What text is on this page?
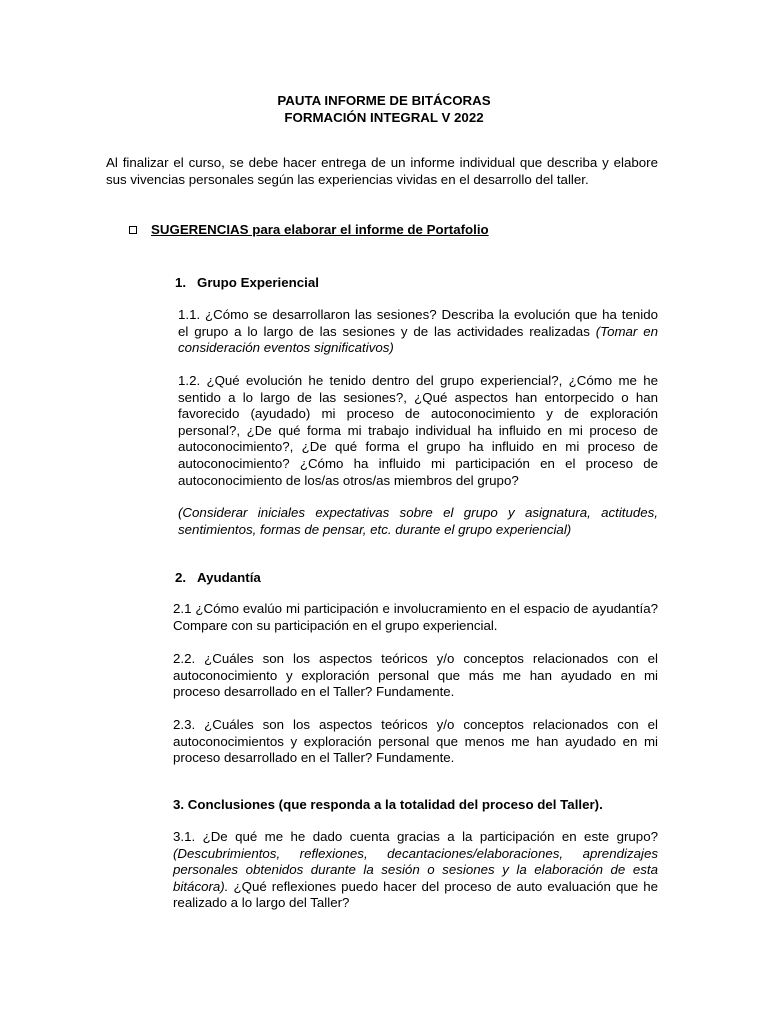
PAUTA INFORME DE BITÁCORAS
FORMACIÓN INTEGRAL V 2022

Al finalizar el curso, se debe hacer entrega de un informe individual que describa y elabore sus vivencias personales según las experiencias vividas en el desarrollo del taller.

SUGERENCIAS para elaborar el informe de Portafolio
1. Grupo Experiencial

1.1. ¿Cómo se desarrollaron las sesiones? Describa la evolución que ha tenido el grupo a lo largo de las sesiones y de las actividades realizadas (Tomar en consideración eventos significativos)

1.2. ¿Qué evolución he tenido dentro del grupo experiencial?, ¿Cómo me he sentido a lo largo de las sesiones?, ¿Qué aspectos han entorpecido o han favorecido (ayudado) mi proceso de autoconocimiento y de exploración personal?, ¿De qué forma mi trabajo individual ha influido en mi proceso de autoconocimiento?, ¿De qué forma el grupo ha influido en mi proceso de autoconocimiento? ¿Cómo ha influido mi participación en el proceso de autoconocimiento de los/as otros/as miembros del grupo?

(Considerar iniciales expectativas sobre el grupo y asignatura, actitudes, sentimientos, formas de pensar, etc. durante el grupo experiencial)

2. Ayudantía

2.1 ¿Cómo evalúo mi participación e involucramiento en el espacio de ayudantía? Compare con su participación en el grupo experiencial.

2.2. ¿Cuáles son los aspectos teóricos y/o conceptos relacionados con el autoconocimiento y exploración personal que más me han ayudado en mi proceso desarrollado en el Taller? Fundamente.

2.3. ¿Cuáles son los aspectos teóricos y/o conceptos relacionados con el autoconocimientos y exploración personal que menos me han ayudado en mi proceso desarrollado en el Taller? Fundamente.

3. Conclusiones (que responda a la totalidad del proceso del Taller).

3.1. ¿De qué me he dado cuenta gracias a la participación en este grupo? (Descubrimientos, reflexiones, decantaciones/elaboraciones, aprendizajes personales obtenidos durante la sesión o sesiones y la elaboración de esta bitácora). ¿Qué reflexiones puedo hacer del proceso de auto evaluación que he realizado a lo largo del Taller?
